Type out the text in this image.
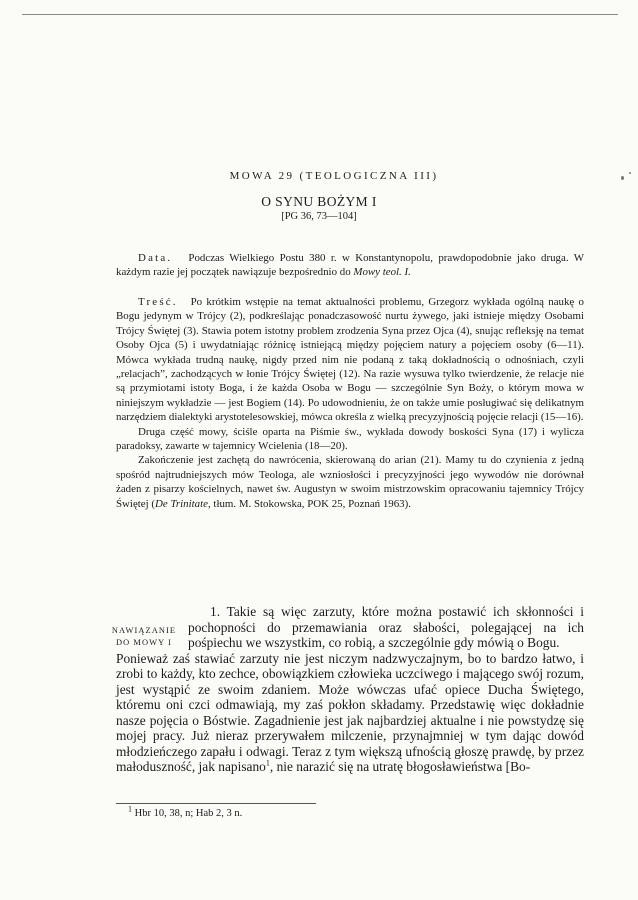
MOWA 29 (TEOLOGICZNA III)
O SYNU BOŻYM I
[PG 36, 73—104]

Data. Podczas Wielkiego Postu 380 r. w Konstantynopolu, prawdopodobnie jako druga. W każdym razie jej początek nawiązuje bezpośrednio do Mowy teol. I.

Treść. Po krótkim wstępie na temat aktualności problemu, Grzegorz wykłada ogólną naukę o Bogu jedynym w Trójcy (2), podkreślając ponadczasowość nurtu żywego, jaki istnieje między Osobami Trójcy Świętej (3). Stawia potem istotny problem zrodzenia Syna przez Ojca (4), snując refleksję na temat Osoby Ojca (5) i uwydatniając różnicę istniejącą między pojęciem natury a pojęciem osoby (6—11). Mówca wykłada trudną naukę, nigdy przed nim nie podaną z taką dokładnością o odnośniach, czyli „relacjach”, zachodzących w łonie Trójcy Świętej (12). Na razie wysuwa tylko twierdzenie, że relacje nie są przymiotami istoty Boga, i że każda Osoba w Bogu — szczególnie Syn Boży, o którym mowa w niniejszym wykładzie — jest Bogiem (14). Po udowodnieniu, że on także umie posługiwać się delikatnym narzędziem dialektyki arystotelesowskiej, mówca określa z wielką precyzyjnością pojęcie relacji (15—16).

Druga część mowy, ściśle oparta na Piśmie św., wykłada dowody boskości Syna (17) i wylicza paradoksy, zawarte w tajemnicy Wcielenia (18—20).

Zakończenie jest zachętą do nawrócenia, skierowaną do arian (21). Mamy tu do czynienia z jedną spośród najtrudniejszych mów Teologa, ale wzniosłości i precyzyjności jego wywodów nie dorównał żaden z pisarzy kościelnych, nawet św. Augustyn w swoim mistrzowskim opracowaniu tajemnicy Trójcy Świętej (De Trinitate, tłum. M. Stokowska, POK 25, Poznań 1963).

NAWIĄZANIE
DO MOWY I

1. Takie są więc zarzuty, które można postawić ich skłonności i pochopności do przemawiania oraz słabości, polegającej na ich pośpiechu we wszystkim, co robią, a szczególnie gdy mówią o Bogu.

Ponieważ zaś stawiać zarzuty nie jest niczym nadzwyczajnym, bo to bardzo łatwo, i zrobi to każdy, kto zechce, obowiązkiem człowieka uczciwego i mającego swój rozum, jest wystąpić ze swoim zdaniem. Może wówczas ufać opiece Ducha Świętego, któremu oni czci odmawiają, my zaś pokłon składamy. Przedstawię więc dokładnie nasze pojęcia o Bóstwie. Zagadnienie jest jak najbardziej aktualne i nie powstydzę się mojej pracy. Już nieraz przerywałem milczenie, przynajmniej w tym dając dowód młodzieńczego zapału i odwagi. Teraz z tym większą ufnością głoszę prawdę, by przez małoduszność, jak napisano$^1$, nie narazić się na utratę błogosławieństwa [Bo-

$^1$ Hbr 10, 38, n; Hab 2, 3 n.
